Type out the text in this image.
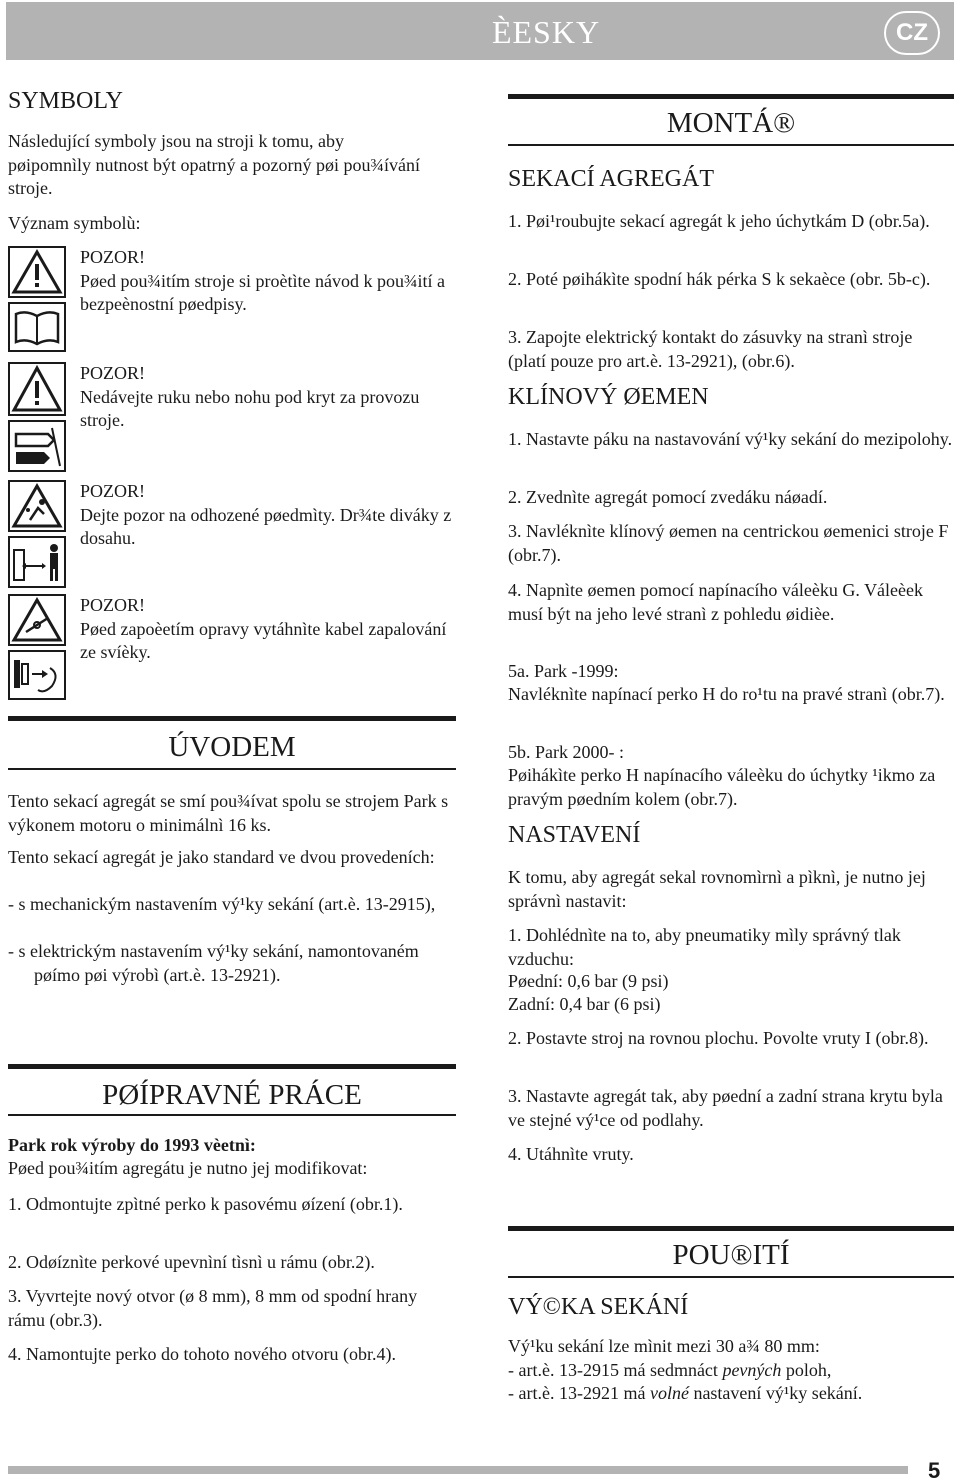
ÈESKY	CZ
SYMBOLY

Následující symboly jsou na stroji k tomu, aby pøipomnìly nutnost být opatrný a pozorný pøi pou¾ívání stroje.

Význam symbolù:

POZOR!
Pøed pou¾itím stroje si proètìte návod k pou¾ití a bezpeènostní pøedpisy.
POZOR!
Nedávejte ruku nebo nohu pod kryt za provozu stroje.
POZOR!
Dejte pozor na odhozené pøedmìty. Dr¾te diváky z dosahu.
POZOR!
Pøed zapoèetím opravy vytáhnìte kabel zapalování ze svíèky.
ÚVODEM

Tento sekací agregát se smí pou¾ívat spolu se strojem Park s výkonem motoru o minimálnì 16 ks.

Tento sekací agregát je jako standard ve dvou provedeních:

- s mechanickým nastavením vý¹ky sekání (art.è. 13-2915),

- s elektrickým nastavením vý¹ky sekání, namontovaném pøímo pøi výrobì (art.è. 13-2921).

PØÍPRAVNÉ PRÁCE

Park rok výroby do 1993 vèetnì:

Pøed pou¾itím agregátu je nutno jej modifikovat:

1. Odmontujte zpìtné perko k pasovému øízení (obr.1).

2. Odøíznìte perkové upevnìní tìsnì u rámu (obr.2).

3. Vyvrtejte nový otvor (ø 8 mm), 8 mm od spodní hrany rámu (obr.3).

4. Namontujte perko do tohoto nového otvoru (obr.4).

MONTÁ®
SEKACÍ AGREGÁT

1. Pøi¹roubujte sekací agregát k jeho úchytkám D (obr.5a).

2. Poté pøihákìte spodní hák pérka S k sekaèce (obr. 5b-c).

3. Zapojte elektrický kontakt do zásuvky na stranì stroje (platí pouze pro art.è. 13-2921), (obr.6).

KLÍNOVÝ ØEMEN

1. Nastavte páku na nastavování vý¹ky sekání do mezipolohy.

2. Zvednìte agregát pomocí zvedáku náøadí.

3. Navléknìte klínový øemen na centrickou øemenici stroje F (obr.7).

4. Napnìte øemen pomocí napínacího váleèku G. Váleèek musí být na jeho levé stranì z pohledu øidièe.

5a. Park -1999:

Navléknìte napínací perko H do ro¹tu na pravé stranì (obr.7).

5b. Park 2000- :

Pøihákìte perko H napínacího váleèku do úchytky ¹ikmo za pravým pøedním kolem (obr.7).

NASTAVENÍ

K tomu, aby agregát sekal rovnomìrnì a pìknì, je nutno jej správnì nastavit:

1. Dohlédnìte na to, aby pneumatiky mìly správný tlak vzduchu:

Pøední: 0,6 bar (9 psi)

Zadní: 0,4 bar (6 psi)

2. Postavte stroj na rovnou plochu. Povolte vruty I (obr.8).

3. Nastavte agregát tak, aby pøední a zadní strana krytu byla ve stejné vý¹ce od podlahy.

4. Utáhnìte vruty.

POU®ITÍ
VÝ©KA SEKÁNÍ

Vý¹ku sekání lze mìnit mezi 30 a¾ 80 mm:

- art.è. 13-2915 má sedmnáct pevných poloh,

- art.è. 13-2921 má volné nastavení vý¹ky sekání.

5
